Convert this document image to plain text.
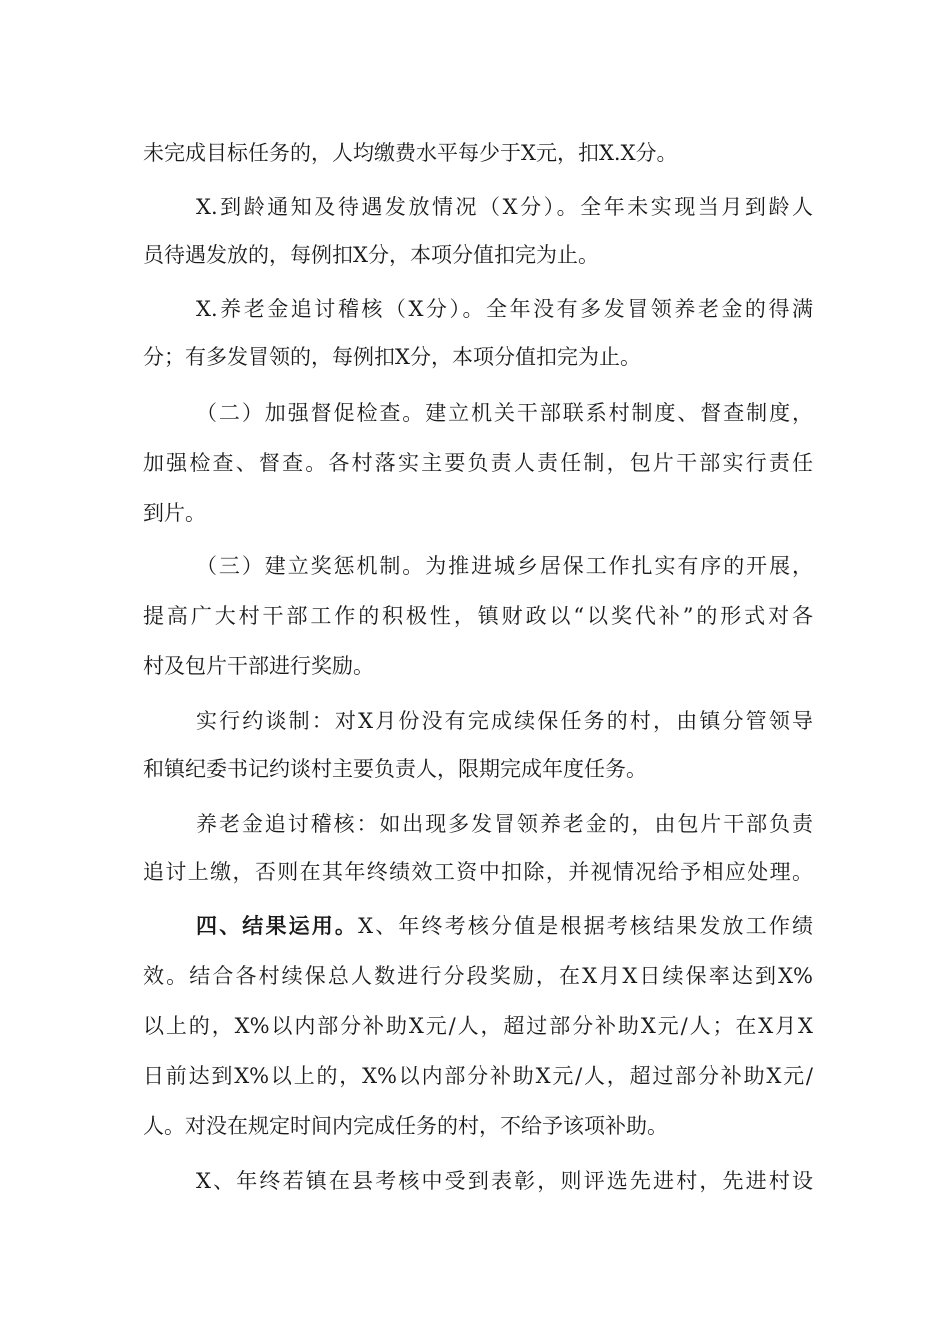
未完成目标任务的，人均缴费水平每少于X元，扣X.X分。
X.到龄通知及待遇发放情况（X分）。全年未实现当月到龄人
员待遇发放的，每例扣X分，本项分值扣完为止。
X.养老金追讨稽核（X分）。全年没有多发冒领养老金的得满
分；有多发冒领的，每例扣X分，本项分值扣完为止。
（二）加强督促检查。建立机关干部联系村制度、督查制度，
加强检查、督查。各村落实主要负责人责任制，包片干部实行责任
到片。
（三）建立奖惩机制。为推进城乡居保工作扎实有序的开展，
提高广大村干部工作的积极性，镇财政以“以奖代补”的形式对各
村及包片干部进行奖励。
实行约谈制：对X月份没有完成续保任务的村，由镇分管领导
和镇纪委书记约谈村主要负责人，限期完成年度任务。
养老金追讨稽核：如出现多发冒领养老金的，由包片干部负责
追讨上缴，否则在其年终绩效工资中扣除，并视情况给予相应处理。
四、结果运用。X、年终考核分值是根据考核结果发放工作绩
效。结合各村续保总人数进行分段奖励，在X月X日续保率达到X%
以上的，X%以内部分补助X元/人，超过部分补助X元/人；在X月X
日前达到X%以上的，X%以内部分补助X元/人，超过部分补助X元/
人。对没在规定时间内完成任务的村，不给予该项补助。
X、年终若镇在县考核中受到表彰，则评选先进村，先进村设
